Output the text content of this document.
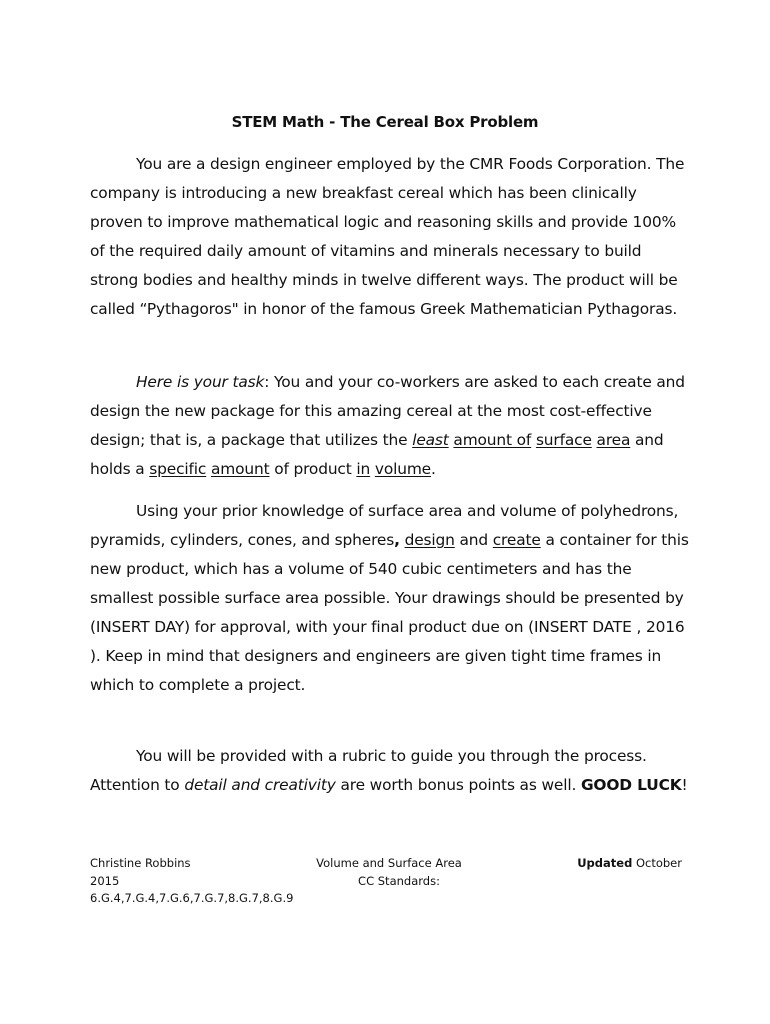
STEM Math - The Cereal Box Problem

You are a design engineer employed by the CMR Foods Corporation. The company is introducing a new breakfast cereal which has been clinically proven to improve mathematical logic and reasoning skills and provide 100% of the required daily amount of vitamins and minerals necessary to build strong bodies and healthy minds in twelve different ways. The product will be called “Pythagoros" in honor of the famous Greek Mathematician Pythagoras.

Here is your task: You and your co-workers are asked to each create and design the new package for this amazing cereal at the most cost-effective design; that is, a package that utilizes the least amount of surface area and holds a specific amount of product in volume.

Using your prior knowledge of surface area and volume of polyhedrons, pyramids, cylinders, cones, and spheres, design and create a container for this new product, which has a volume of 540 cubic centimeters and has the smallest possible surface area possible. Your drawings should be presented by (INSERT DAY) for approval, with your final product due on (INSERT DATE , 2016 ). Keep in mind that designers and engineers are given tight time frames in which to complete a project.

You will be provided with a rubric to guide you through the process. Attention to detail and creativity are worth bonus points as well. GOOD LUCK!

Christine Robbins	Volume and Surface Area	Updated October
2015	CC Standards:
6.G.4,7.G.4,7.G.6,7.G.7,8.G.7,8.G.9
